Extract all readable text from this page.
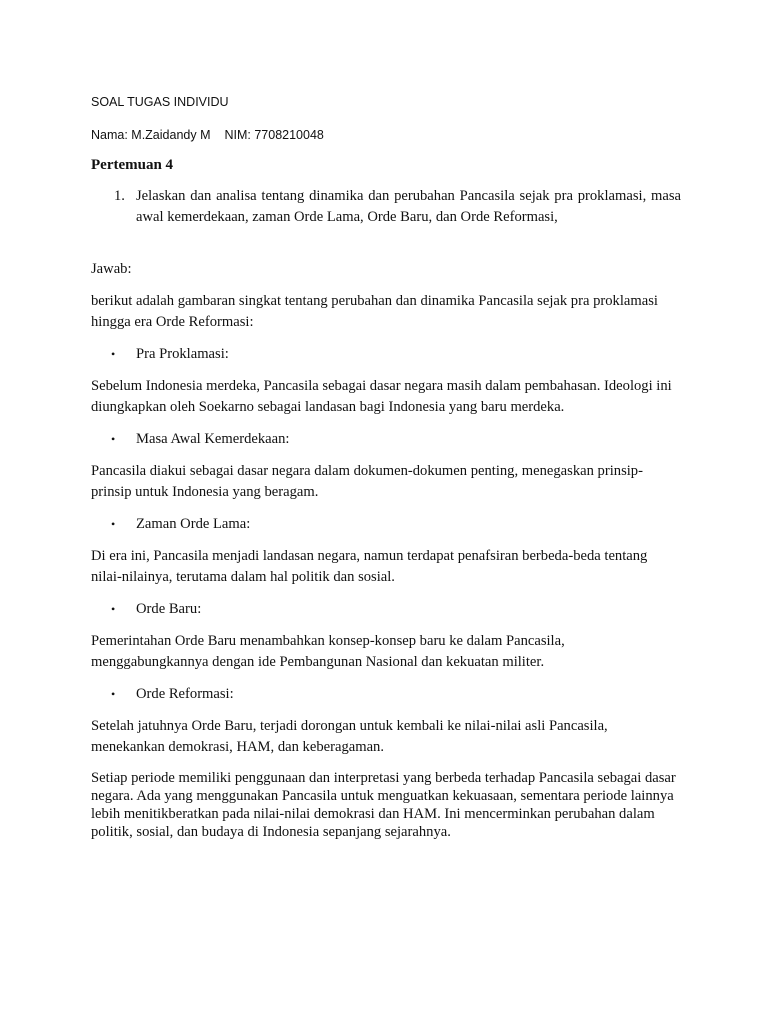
SOAL TUGAS INDIVIDU
Nama: M.Zaidandy M NIM: 7708210048
Pertemuan 4
1. Jelaskan dan analisa tentang dinamika dan perubahan Pancasila sejak pra proklamasi, masa awal kemerdekaan, zaman Orde Lama, Orde Baru, dan Orde Reformasi,
Jawab:
berikut adalah gambaran singkat tentang perubahan dan dinamika Pancasila sejak pra proklamasi hingga era Orde Reformasi:
•	Pra Proklamasi:
Sebelum Indonesia merdeka, Pancasila sebagai dasar negara masih dalam pembahasan. Ideologi ini diungkapkan oleh Soekarno sebagai landasan bagi Indonesia yang baru merdeka.
•	Masa Awal Kemerdekaan:
Pancasila diakui sebagai dasar negara dalam dokumen-dokumen penting, menegaskan prinsip-prinsip untuk Indonesia yang beragam.
•	Zaman Orde Lama:
Di era ini, Pancasila menjadi landasan negara, namun terdapat penafsiran berbeda-beda tentang nilai-nilainya, terutama dalam hal politik dan sosial.
•	Orde Baru:
Pemerintahan Orde Baru menambahkan konsep-konsep baru ke dalam Pancasila, menggabungkannya dengan ide Pembangunan Nasional dan kekuatan militer.
•	Orde Reformasi:
Setelah jatuhnya Orde Baru, terjadi dorongan untuk kembali ke nilai-nilai asli Pancasila, menekankan demokrasi, HAM, dan keberagaman.
Setiap periode memiliki penggunaan dan interpretasi yang berbeda terhadap Pancasila sebagai dasar negara. Ada yang menggunakan Pancasila untuk menguatkan kekuasaan, sementara periode lainnya lebih menitikberatkan pada nilai-nilai demokrasi dan HAM. Ini mencerminkan perubahan dalam politik, sosial, dan budaya di Indonesia sepanjang sejarahnya.
